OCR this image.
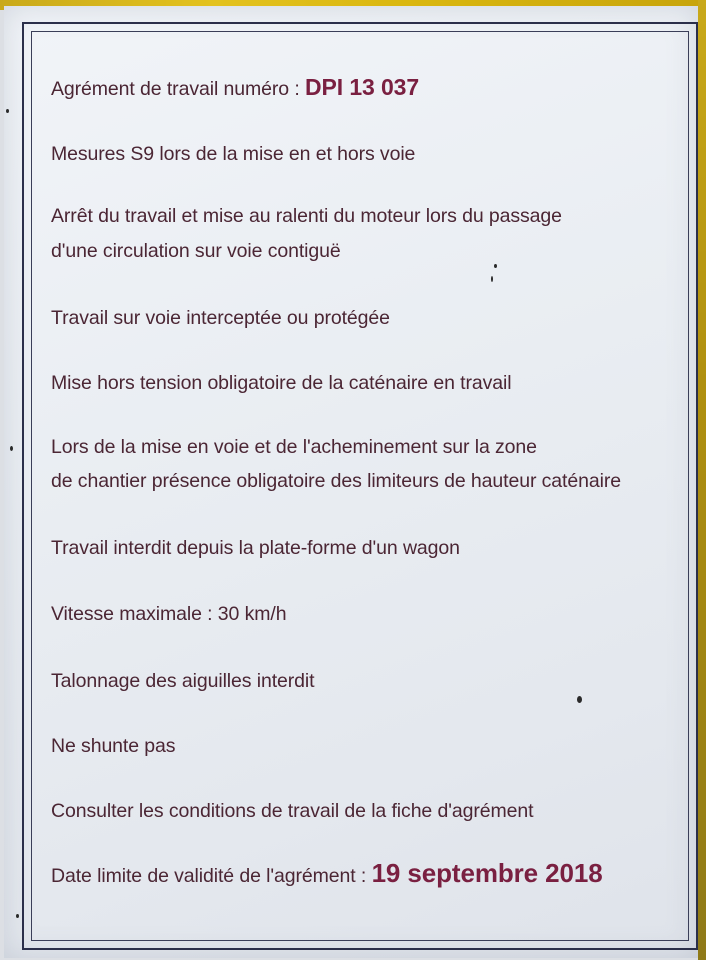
Agrément de travail numéro : DPI 13 037
Mesures S9 lors de la mise en et hors voie
Arrêt du travail et mise au ralenti du moteur lors du passage
d'une circulation sur voie contiguë
Travail sur voie interceptée ou protégée
Mise hors tension obligatoire de la caténaire en travail
Lors de la mise en voie et de l'acheminement sur la zone
de chantier présence obligatoire des limiteurs de hauteur caténaire
Travail interdit depuis la plate-forme d'un wagon
Vitesse maximale : 30 km/h
Talonnage des aiguilles interdit
Ne shunte pas
Consulter les conditions de travail de la fiche d'agrément
Date limite de validité de l'agrément : 19 septembre 2018
